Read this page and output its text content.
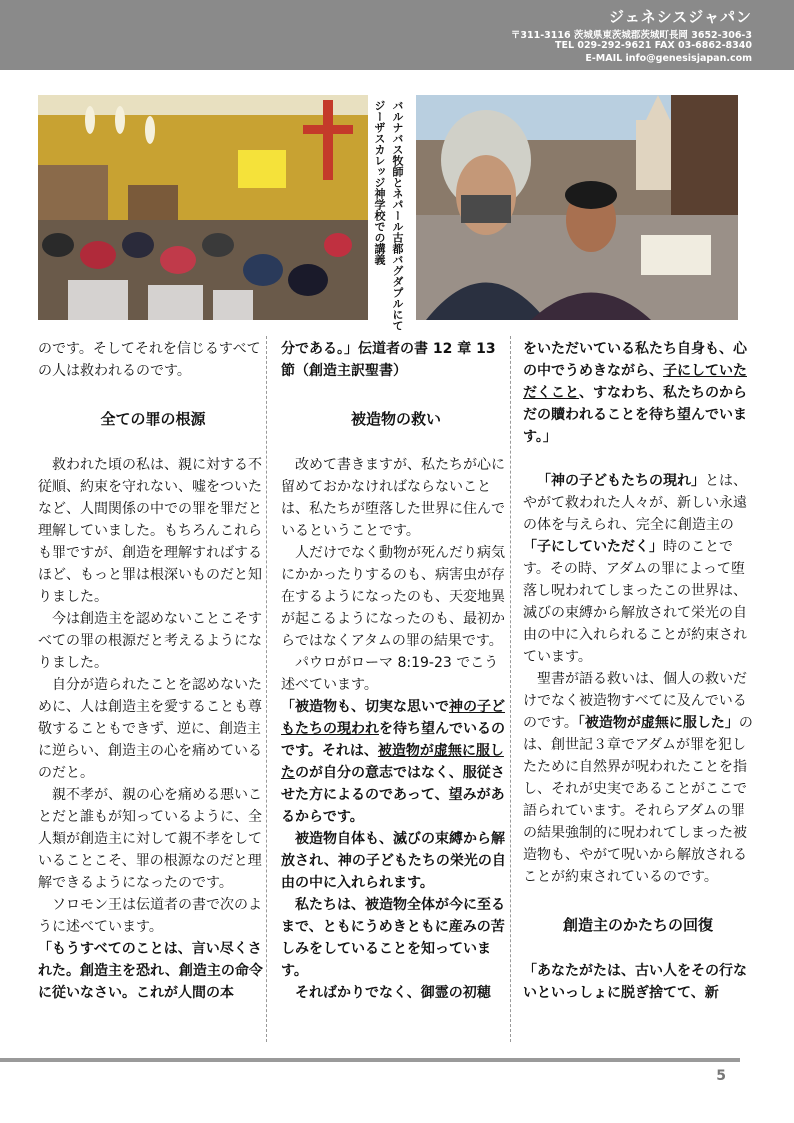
ジェネシスジャパン
〒311-3116 茨城県東茨城郡茨城町長岡 3652-306-3
TEL 029-292-9621 FAX 03-6862-8340
E-MAIL info@genesisjapan.com
ジーザスカレッジ神学校での講義 バルナバス牧師とネパール古都バグダプルにて

のです。そしてそれを信じるすべての人は救われるのです。

全ての罪の根源

救われた頃の私は、親に対する不従順、約束を守れない、嘘をついたなど、人間関係の中での罪を罪だと理解していました。もちろんこれらも罪ですが、創造を理解すればするほど、もっと罪は根深いものだと知りました。

今は創造主を認めないことこそすべての罪の根源だと考えるようになりました。

自分が造られたことを認めないために、人は創造主を愛することも尊敬することもできず、逆に、創造主に逆らい、創造主の心を痛めているのだと。

親不孝が、親の心を痛める悪いことだと誰もが知っているように、全人類が創造主に対して親不孝をしていることこそ、罪の根源なのだと理解できるようになったのです。

ソロモン王は伝道者の書で次のように述べています。

「もうすべてのことは、言い尽くされた。創造主を恐れ、創造主の命令に従いなさい。これが人間の本

分である。」伝道者の書 12 章 13 節（創造主訳聖書）

被造物の救い

改めて書きますが、私たちが心に留めておかなければならないことは、私たちが堕落した世界に住んでいるということです。

人だけでなく動物が死んだり病気にかかったりするのも、病害虫が存在するようになったのも、天変地異が起こるようになったのも、最初からではなくアタムの罪の結果です。

パウロがローマ 8:19-23 でこう述べています。

「被造物も、切実な思いで神の子どもたちの現われを待ち望んでいるのです。それは、被造物が虚無に服したのが自分の意志ではなく、服従させた方によるのであって、望みがあるからです。

被造物自体も、滅びの束縛から解放され、神の子どもたちの栄光の自由の中に入れられます。

私たちは、被造物全体が今に至るまで、ともにうめきともに産みの苦しみをしていることを知っています。

そればかりでなく、御霊の初穂

をいただいている私たち自身も、心の中でうめきながら、子にしていただくこと、すなわち、私たちのからだの贖われることを待ち望んでいます。」

「神の子どもたちの現れ」とは、やがて救われた人々が、新しい永遠の体を与えられ、完全に創造主の「子にしていただく」時のことです。その時、アダムの罪によって堕落し呪われてしまったこの世界は、滅びの束縛から解放されて栄光の自由の中に入れられることが約束されています。

聖書が語る救いは、個人の救いだけでなく被造物すべてに及んでいるのです。「被造物が虚無に服した」のは、創世記３章でアダムが罪を犯したために自然界が呪われたことを指し、それが史実であることがここで語られています。それらアダムの罪の結果強制的に呪われてしまった被造物も、やがて呪いから解放されることが約束されているのです。

創造主のかたちの回復

「あなたがたは、古い人をその行ないといっしょに脱ぎ捨てて、新

5
